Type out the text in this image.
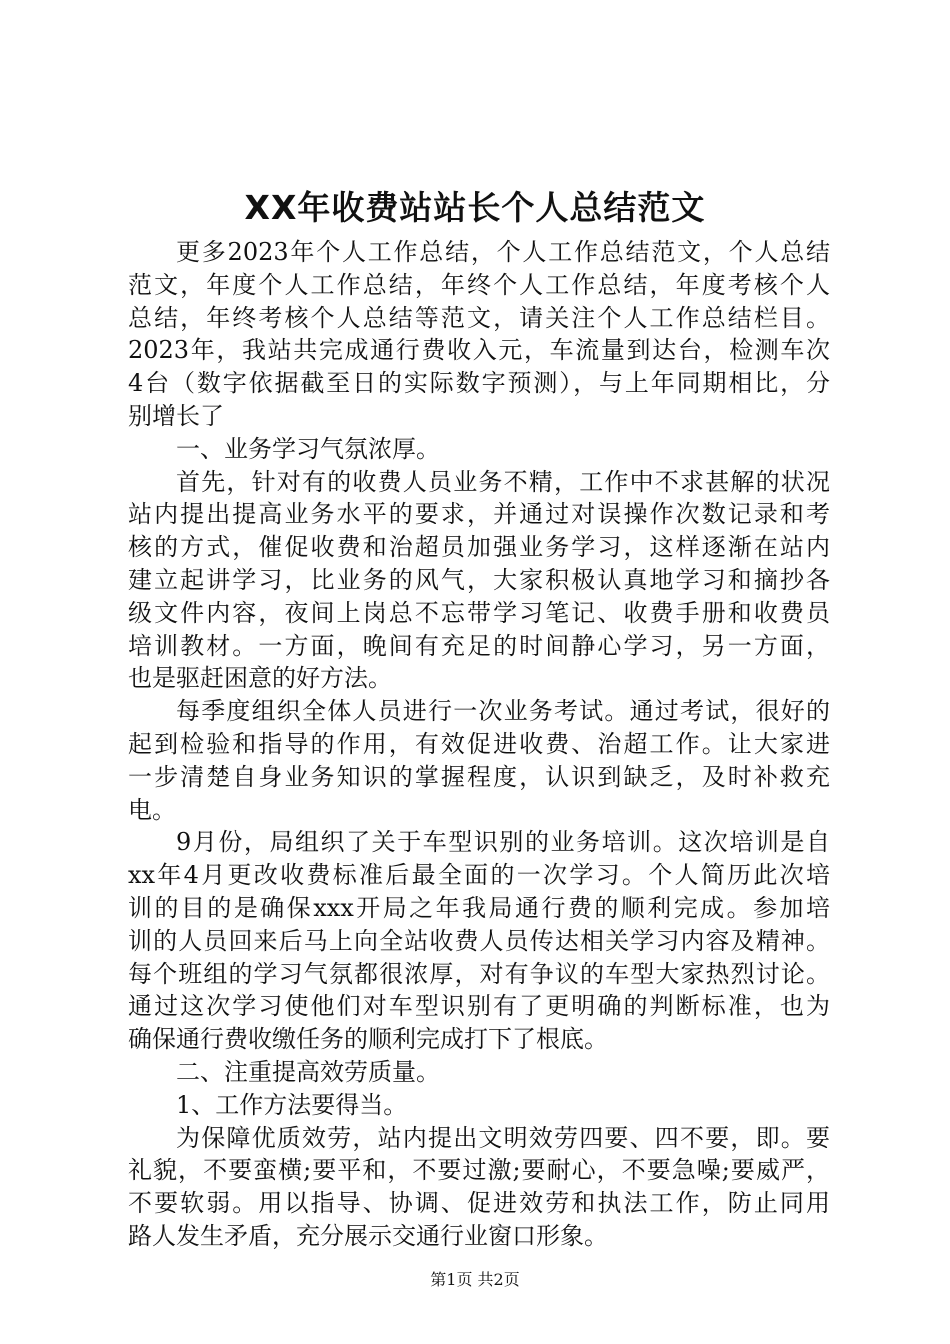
XX年收费站站长个人总结范文
更多2023年个人工作总结，个人工作总结范文，个人总结
范文，年度个人工作总结，年终个人工作总结，年度考核个人
总结，年终考核个人总结等范文，请关注个人工作总结栏目。
2023年，我站共完成通行费收入元，车流量到达台，检测车次
4台（数字依据截至日的实际数字预测），与上年同期相比，分
别增长了
一、业务学习气氛浓厚。
首先，针对有的收费人员业务不精，工作中不求甚解的状况
站内提出提高业务水平的要求，并通过对误操作次数记录和考
核的方式，催促收费和治超员加强业务学习，这样逐渐在站内
建立起讲学习，比业务的风气，大家积极认真地学习和摘抄各
级文件内容，夜间上岗总不忘带学习笔记、收费手册和收费员
培训教材。一方面，晚间有充足的时间静心学习，另一方面，
也是驱赶困意的好方法。
每季度组织全体人员进行一次业务考试。通过考试，很好的
起到检验和指导的作用，有效促进收费、治超工作。让大家进
一步清楚自身业务知识的掌握程度，认识到缺乏，及时补救充
电。
9月份，局组织了关于车型识别的业务培训。这次培训是自
xx年4月更改收费标准后最全面的一次学习。个人简历此次培
训的目的是确保xxx开局之年我局通行费的顺利完成。参加培
训的人员回来后马上向全站收费人员传达相关学习内容及精神。
每个班组的学习气氛都很浓厚，对有争议的车型大家热烈讨论。
通过这次学习使他们对车型识别有了更明确的判断标准，也为
确保通行费收缴任务的顺利完成打下了根底。
二、注重提高效劳质量。
1、工作方法要得当。
为保障优质效劳，站内提出文明效劳四要、四不要，即。要
礼貌，不要蛮横;要平和，不要过激;要耐心，不要急噪;要威严，
不要软弱。用以指导、协调、促进效劳和执法工作，防止同用
路人发生矛盾，充分展示交通行业窗口形象。
第1页 共2页
